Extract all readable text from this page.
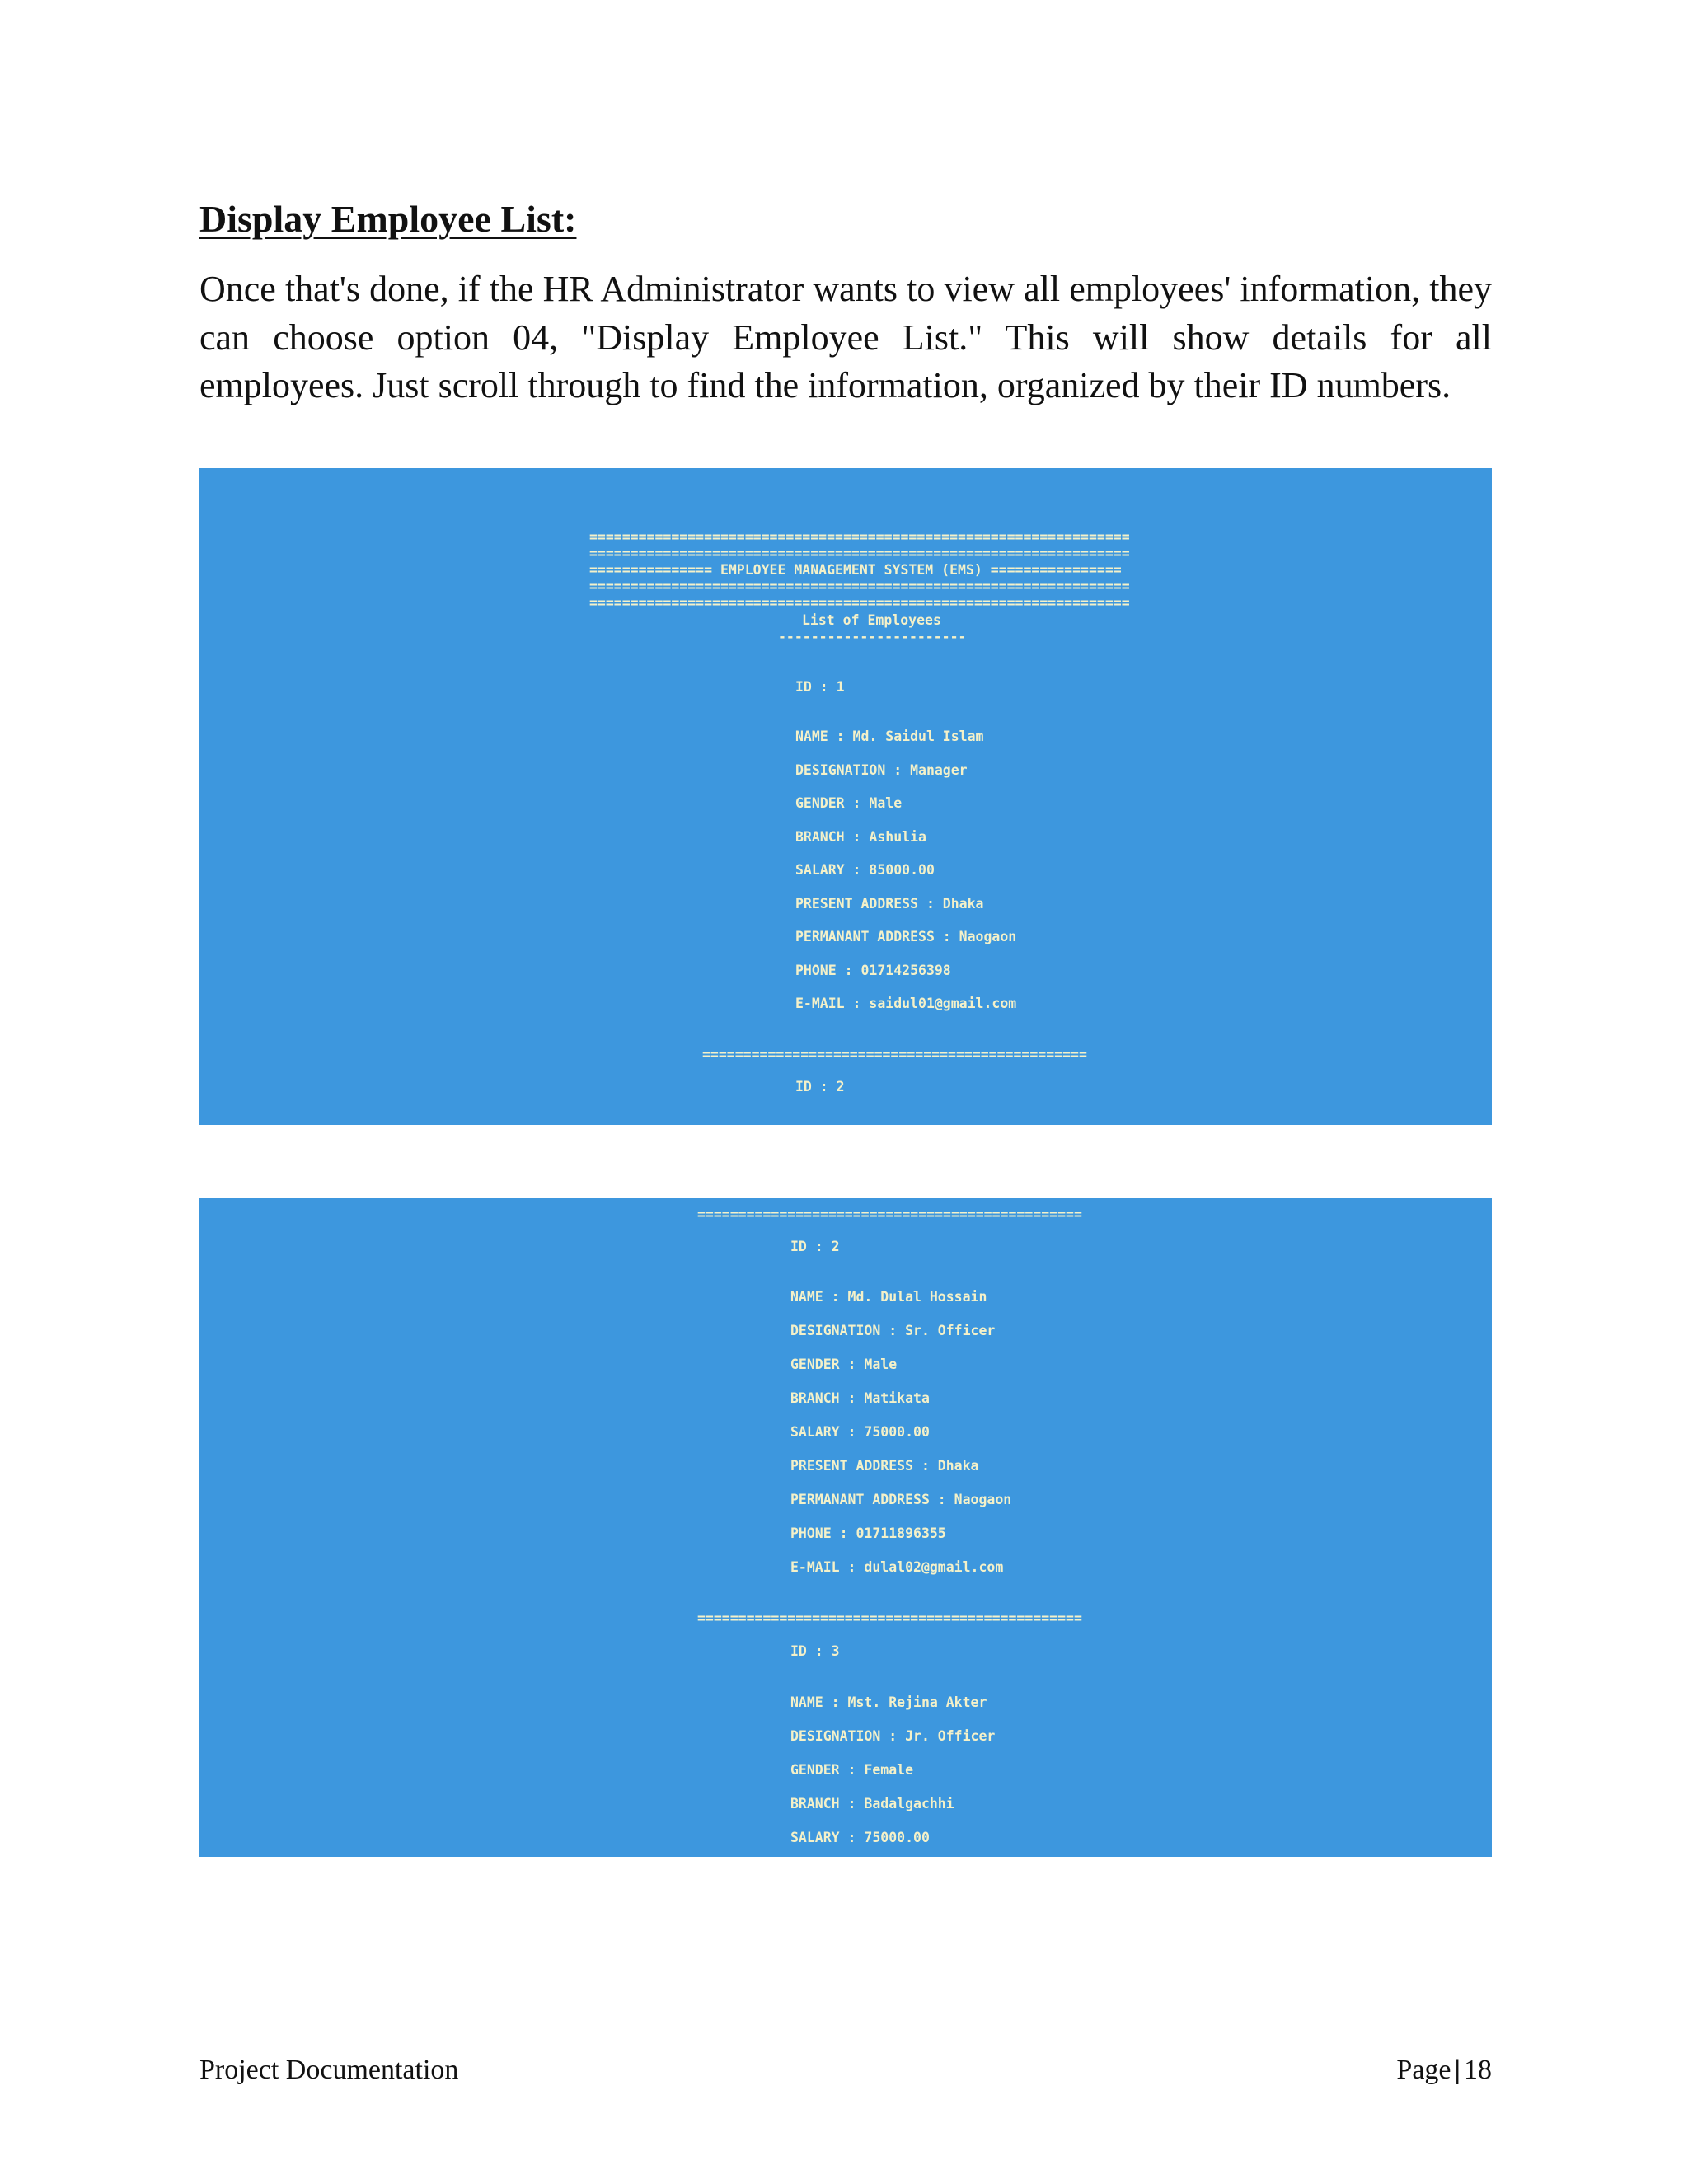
Display Employee List:

Once that's done, if the HR Administrator wants to view all employees' information, they can choose option 04, "Display Employee List." This will show details for all employees. Just scroll through to find the information, organized by their ID numbers.

==================================================================

==================================================================

=============== EMPLOYEE MANAGEMENT SYSTEM (EMS) ================

==================================================================

==================================================================

List of Employees

-----------------------

ID : 1

NAME : Md. Saidul Islam

DESIGNATION : Manager

GENDER : Male

BRANCH : Ashulia

SALARY : 85000.00

PRESENT ADDRESS : Dhaka

PERMANANT ADDRESS : Naogaon

PHONE : 01714256398

E-MAIL : saidul01@gmail.com

===============================================

ID : 2

===============================================

ID : 2

NAME : Md. Dulal Hossain

DESIGNATION : Sr. Officer

GENDER : Male

BRANCH : Matikata

SALARY : 75000.00

PRESENT ADDRESS : Dhaka

PERMANANT ADDRESS : Naogaon

PHONE : 01711896355

E-MAIL : dulal02@gmail.com

===============================================

ID : 3

NAME : Mst. Rejina Akter

DESIGNATION : Jr. Officer

GENDER : Female

BRANCH : Badalgachhi

SALARY : 75000.00

Project Documentation	Page | 18
